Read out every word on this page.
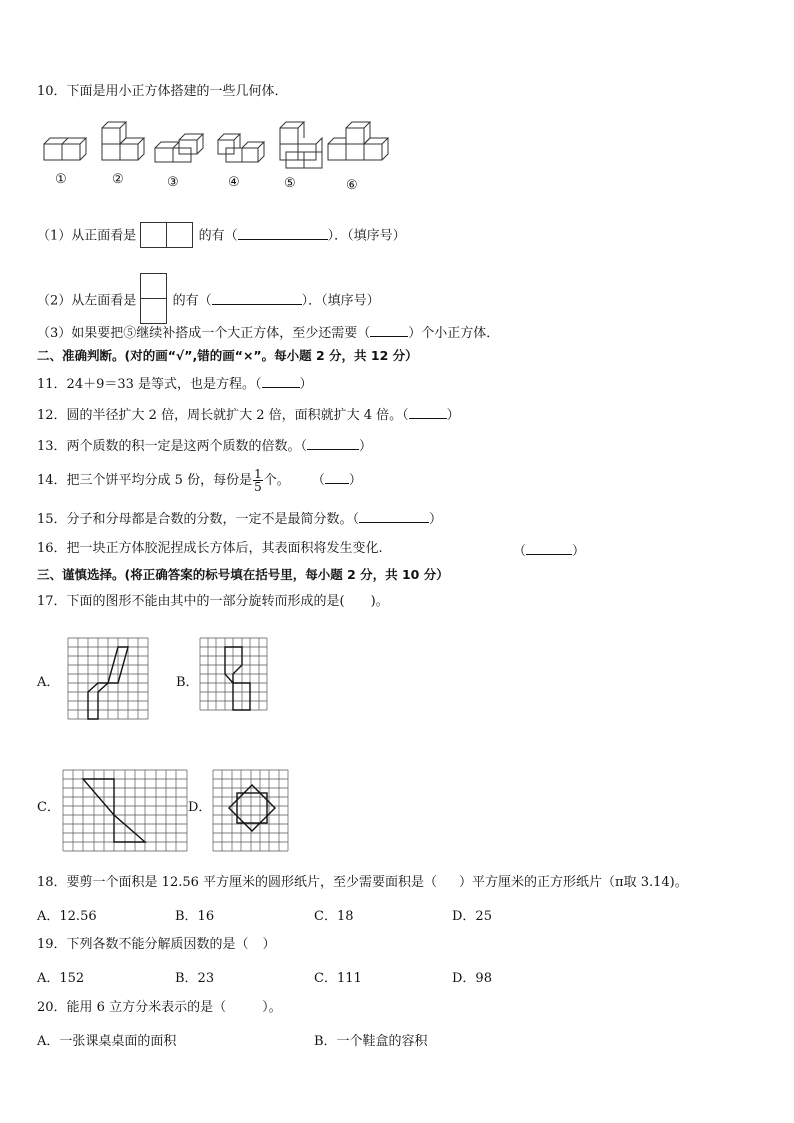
10．下面是用小正方体搭建的一些几何体．
①	②	③	④	⑤	⑥
（1）从正面看是	的有（	）．（填序号）
（2）从左面看是	的有（	）．（填序号）
（3）如果要把⑤继续补搭成一个大正方体，至少还需要（	）个小正方体．
二、准确判断。(对的画“√”,错的画“×”。每小题 2 分，共 12 分）
11．24＋9＝33 是等式，也是方程。（	）
12．圆的半径扩大 2 倍，周长就扩大 2 倍，面积就扩大 4 倍。（	）
13．两个质数的积一定是这两个质数的倍数。（	）
14．把三个饼平均分成 5 份，每份是 $\frac{1}{5}$ 个。 （ ）
15．分子和分母都是合数的分数，一定不是最简分数。（	）
16．把一块正方体胶泥捏成长方体后，其表面积将发生变化.	（	）
三、谨慎选择。(将正确答案的标号填在括号里，每小题 2 分，共 10 分）
17．下面的图形不能由其中的一部分旋转而形成的是( )。
A．	B．
C．	D．
18．要剪一个面积是 12.56 平方厘米的圆形纸片，至少需要面积是（ ）平方厘米的正方形纸片（π取 3.14)。
A．12.56	B．16	C．18	D．25
19．下列各数不能分解质因数的是（ ）
A．152	B．23	C．111	D．98
20．能用 6 立方分米表示的是（	）。
A．一张课桌桌面的面积	B．一个鞋盒的容积
